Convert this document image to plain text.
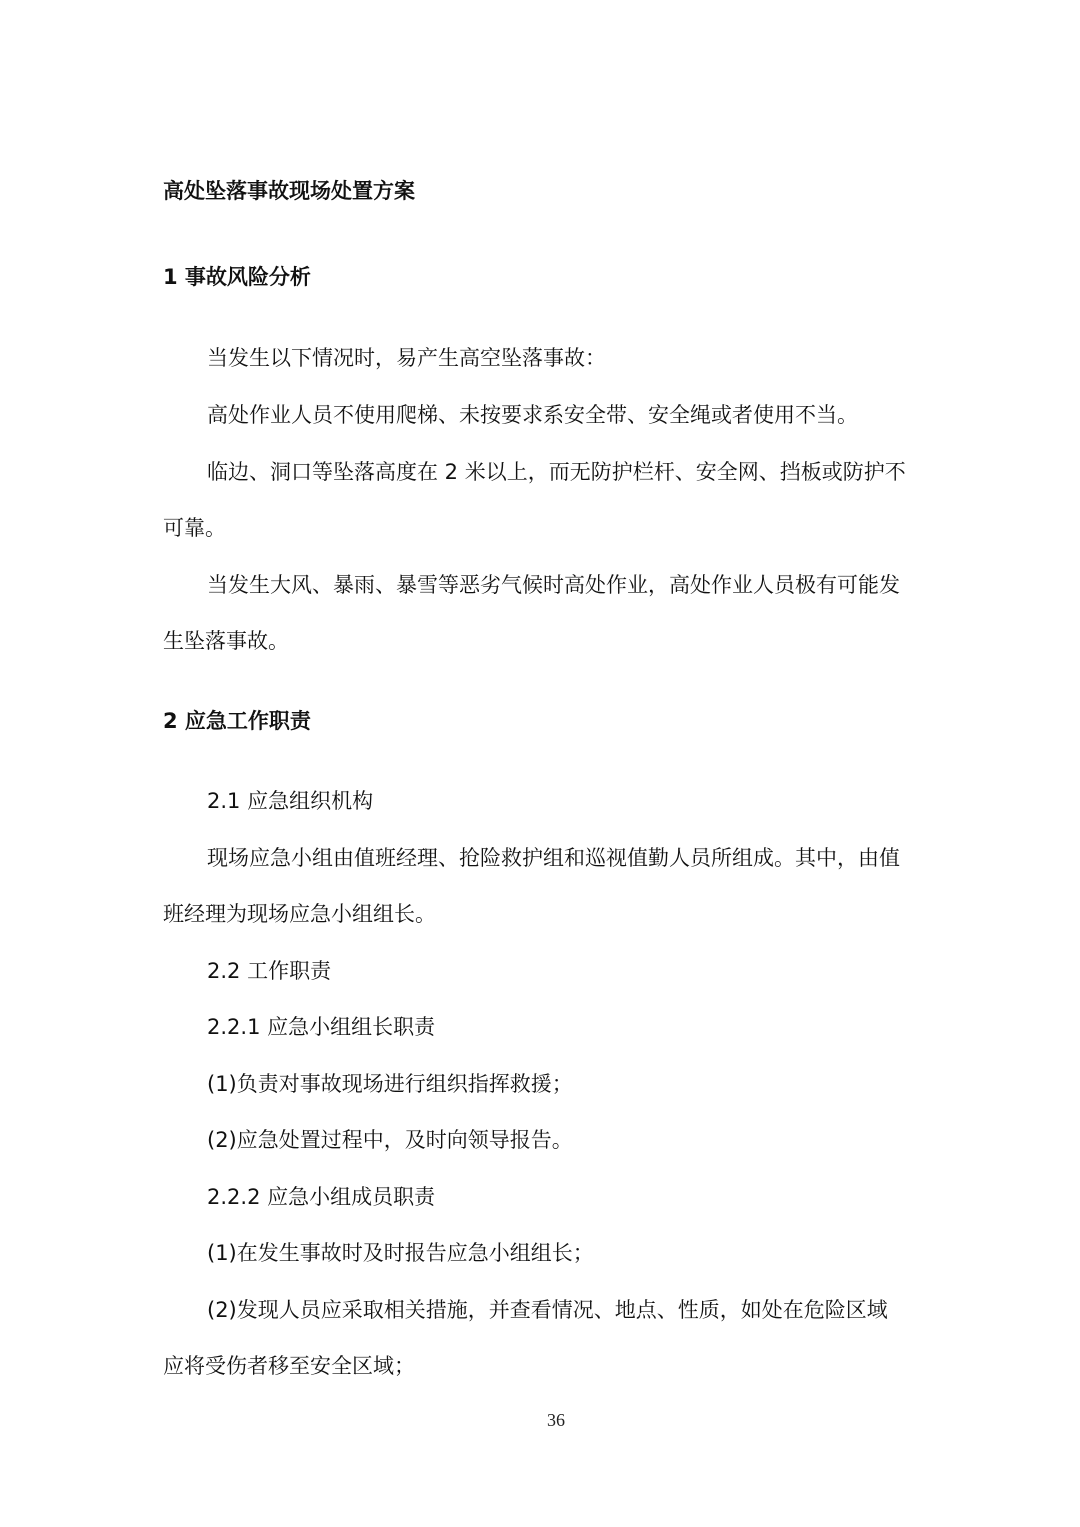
高处坠落事故现场处置方案
1 事故风险分析
当发生以下情况时，易产生高空坠落事故：
高处作业人员不使用爬梯、未按要求系安全带、安全绳或者使用不当。
临边、洞口等坠落高度在 2 米以上，而无防护栏杆、安全网、挡板或防护不
可靠。
当发生大风、暴雨、暴雪等恶劣气候时高处作业，高处作业人员极有可能发
生坠落事故。
2 应急工作职责
2.1 应急组织机构
现场应急小组由值班经理、抢险救护组和巡视值勤人员所组成。其中，由值
班经理为现场应急小组组长。
2.2 工作职责
2.2.1 应急小组组长职责
(1)负责对事故现场进行组织指挥救援；
(2)应急处置过程中，及时向领导报告。
2.2.2 应急小组成员职责
(1)在发生事故时及时报告应急小组组长；
(2)发现人员应采取相关措施，并查看情况、地点、性质，如处在危险区域
应将受伤者移至安全区域；
36
